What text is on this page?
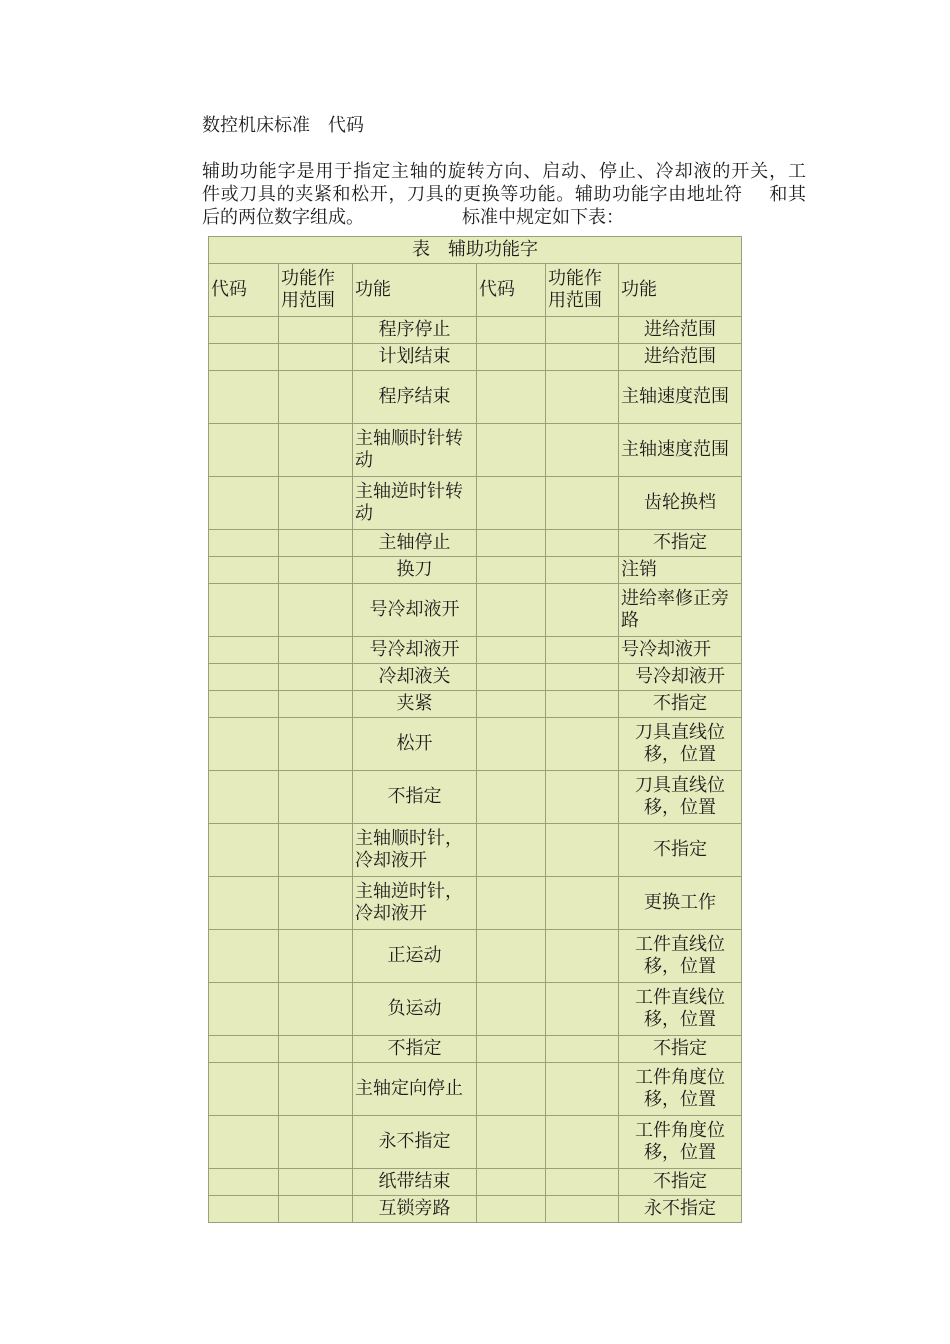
数控机床标准　代码
辅助功能字是用于指定主轴的旋转方向、启动、停止、冷却液的开关，工
件或刀具的夹紧和松开，刀具的更换等功能。辅助功能字由地址符 和其
后的两位数字组成。	标准中规定如下表：
表　辅助功能字					
代码	功能作用范围	功能	代码	功能作用范围	功能
		程序停止			进给范围
		计划结束			进给范围
		程序结束			主轴速度范围
		主轴顺时针转动			主轴速度范围
		主轴逆时针转动			齿轮换档
		主轴停止			不指定
		换刀			注销
		号冷却液开			进给率修正旁路
		号冷却液开			号冷却液开
		冷却液关			号冷却液开
		夹紧			不指定
		松开			刀具直线位移，位置
		不指定			刀具直线位移，位置
		主轴顺时针，冷却液开			不指定
		主轴逆时针，冷却液开			更换工作
		正运动			工件直线位移，位置
		负运动			工件直线位移，位置
		不指定			不指定
		主轴定向停止			工件角度位移，位置
		永不指定			工件角度位移，位置
		纸带结束			不指定
		互锁旁路			永不指定
